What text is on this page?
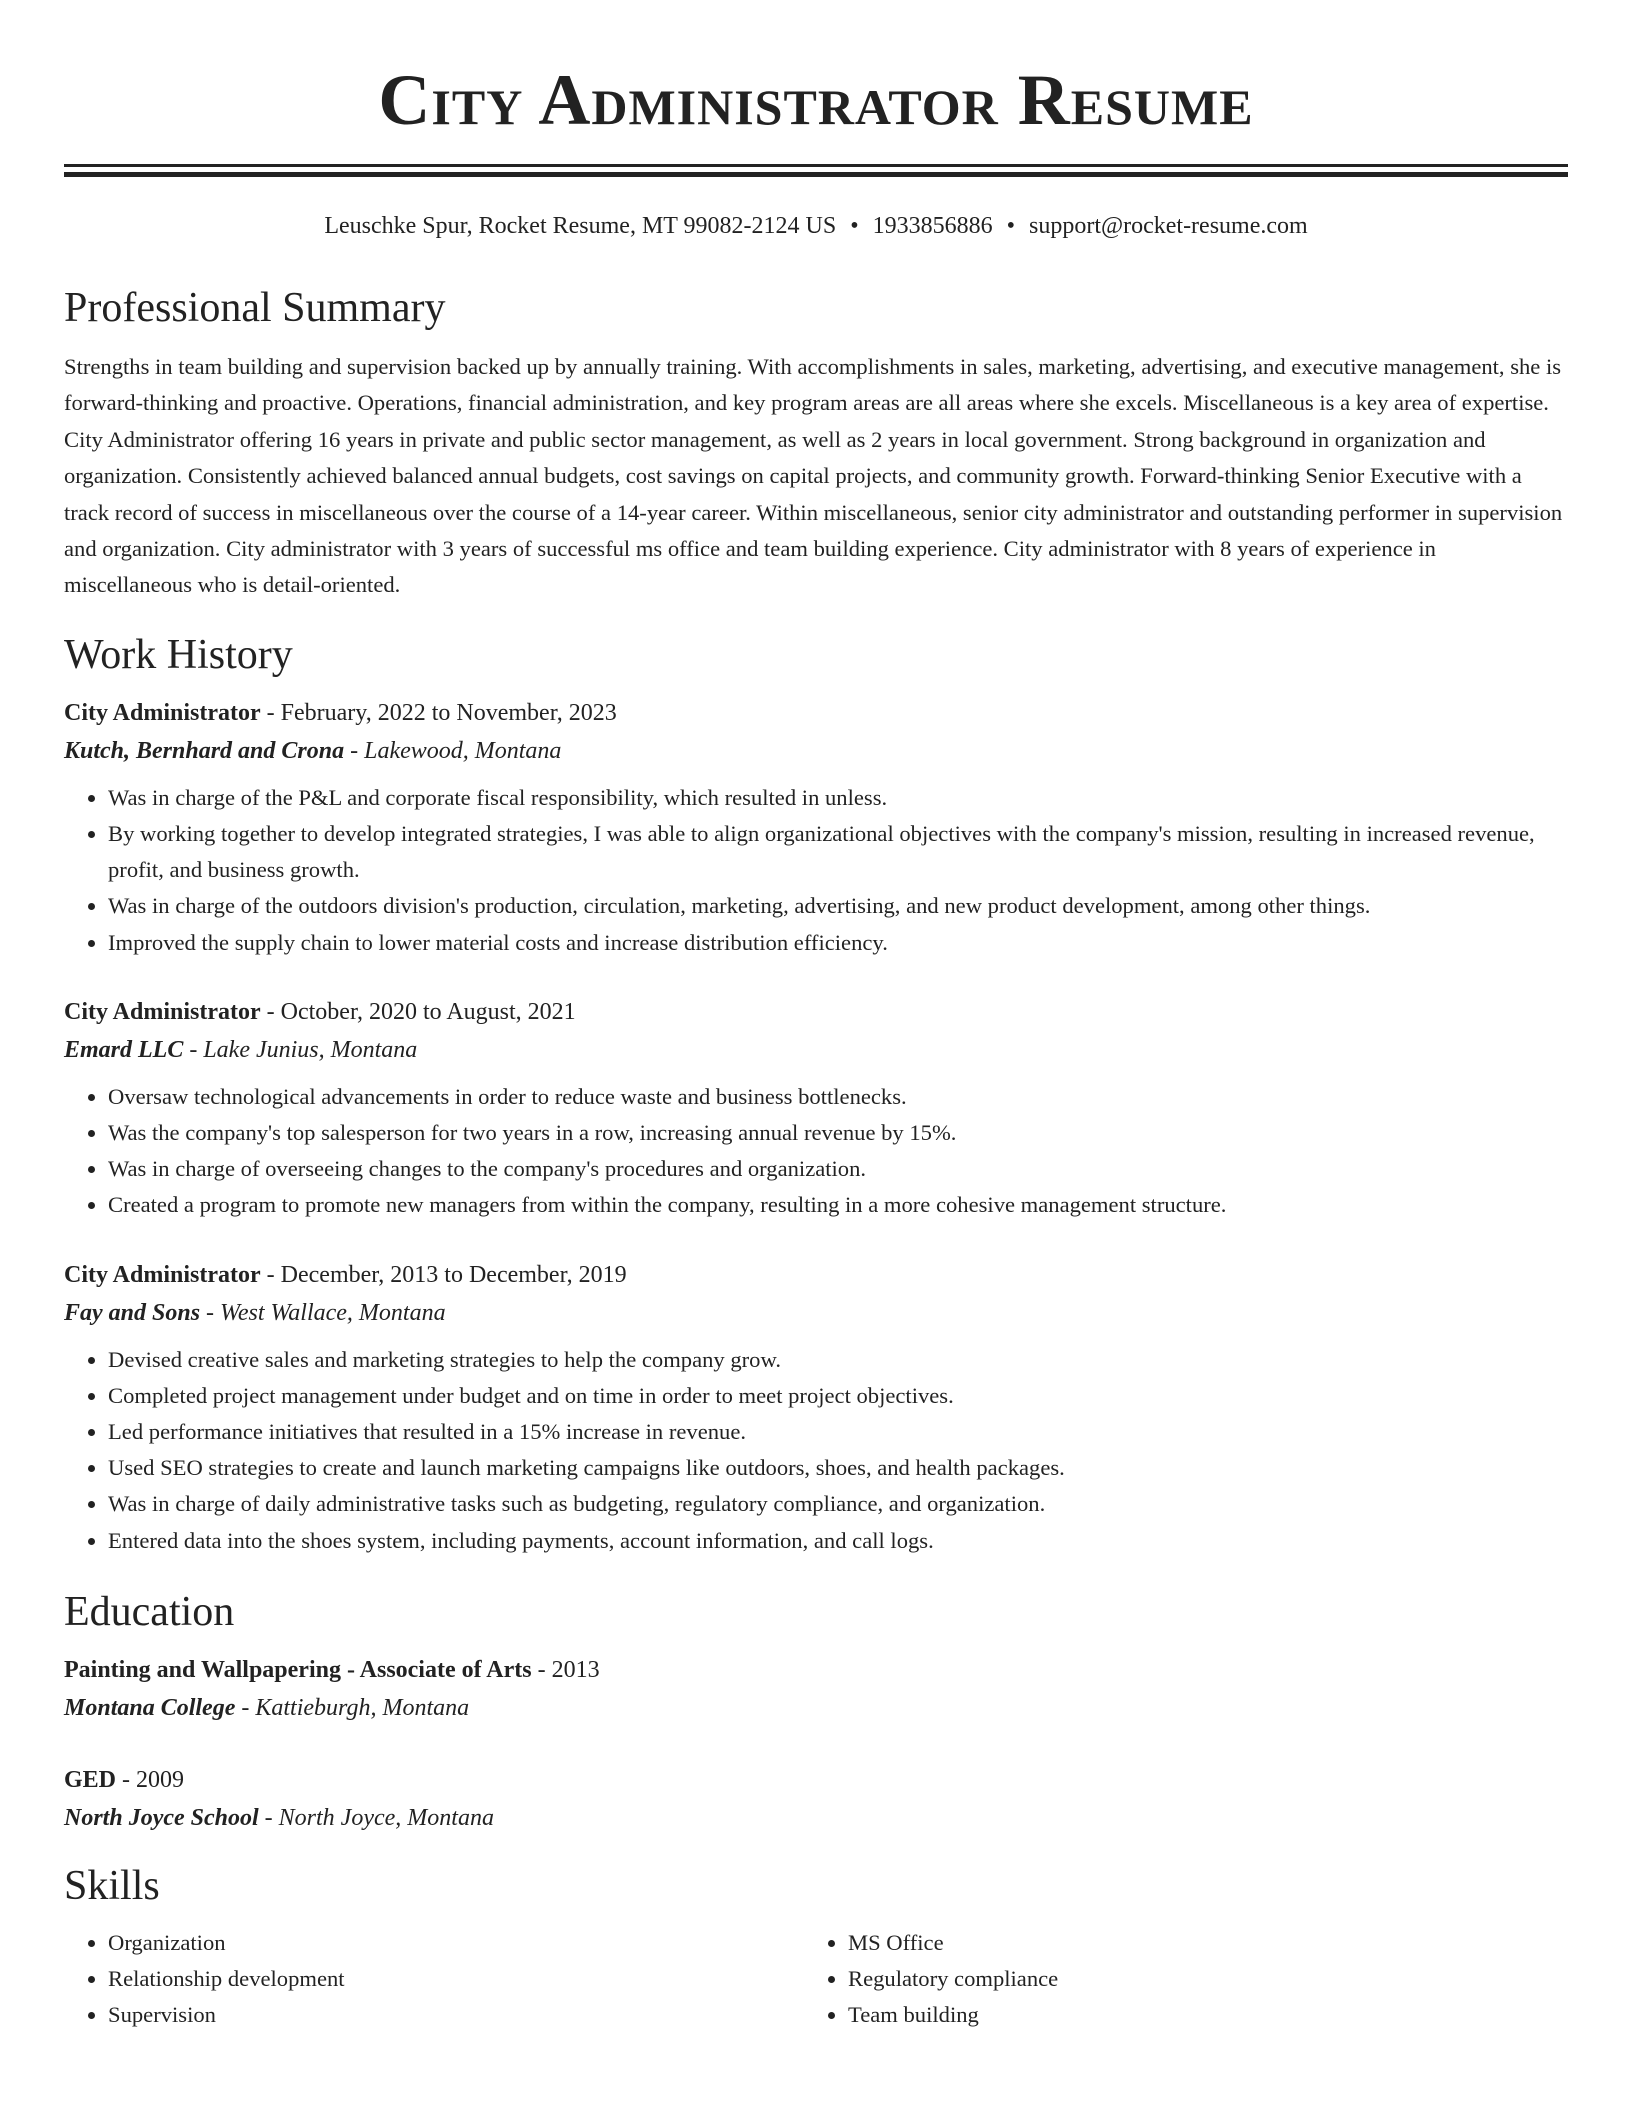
City Administrator Resume
Leuschke Spur, Rocket Resume, MT 99082-2124 US • 1933856886 • support@rocket-resume.com
Professional Summary
Strengths in team building and supervision backed up by annually training. With accomplishments in sales, marketing, advertising, and executive management, she is forward-thinking and proactive. Operations, financial administration, and key program areas are all areas where she excels. Miscellaneous is a key area of expertise. City Administrator offering 16 years in private and public sector management, as well as 2 years in local government. Strong background in organization and organization. Consistently achieved balanced annual budgets, cost savings on capital projects, and community growth. Forward-thinking Senior Executive with a track record of success in miscellaneous over the course of a 14-year career. Within miscellaneous, senior city administrator and outstanding performer in supervision and organization. City administrator with 3 years of successful ms office and team building experience. City administrator with 8 years of experience in miscellaneous who is detail-oriented.
Work History
City Administrator - February, 2022 to November, 2023
Kutch, Bernhard and Crona - Lakewood, Montana
• Was in charge of the P&L and corporate fiscal responsibility, which resulted in unless.
• By working together to develop integrated strategies, I was able to align organizational objectives with the company's mission, resulting in increased revenue, profit, and business growth.
• Was in charge of the outdoors division's production, circulation, marketing, advertising, and new product development, among other things.
• Improved the supply chain to lower material costs and increase distribution efficiency.
City Administrator - October, 2020 to August, 2021
Emard LLC - Lake Junius, Montana
• Oversaw technological advancements in order to reduce waste and business bottlenecks.
• Was the company's top salesperson for two years in a row, increasing annual revenue by 15%.
• Was in charge of overseeing changes to the company's procedures and organization.
• Created a program to promote new managers from within the company, resulting in a more cohesive management structure.
City Administrator - December, 2013 to December, 2019
Fay and Sons - West Wallace, Montana
• Devised creative sales and marketing strategies to help the company grow.
• Completed project management under budget and on time in order to meet project objectives.
• Led performance initiatives that resulted in a 15% increase in revenue.
• Used SEO strategies to create and launch marketing campaigns like outdoors, shoes, and health packages.
• Was in charge of daily administrative tasks such as budgeting, regulatory compliance, and organization.
• Entered data into the shoes system, including payments, account information, and call logs.
Education
Painting and Wallpapering - Associate of Arts - 2013
Montana College - Kattieburgh, Montana
GED - 2009
North Joyce School - North Joyce, Montana
Skills
• Organization
• Relationship development
• Supervision
• MS Office
• Regulatory compliance
• Team building
